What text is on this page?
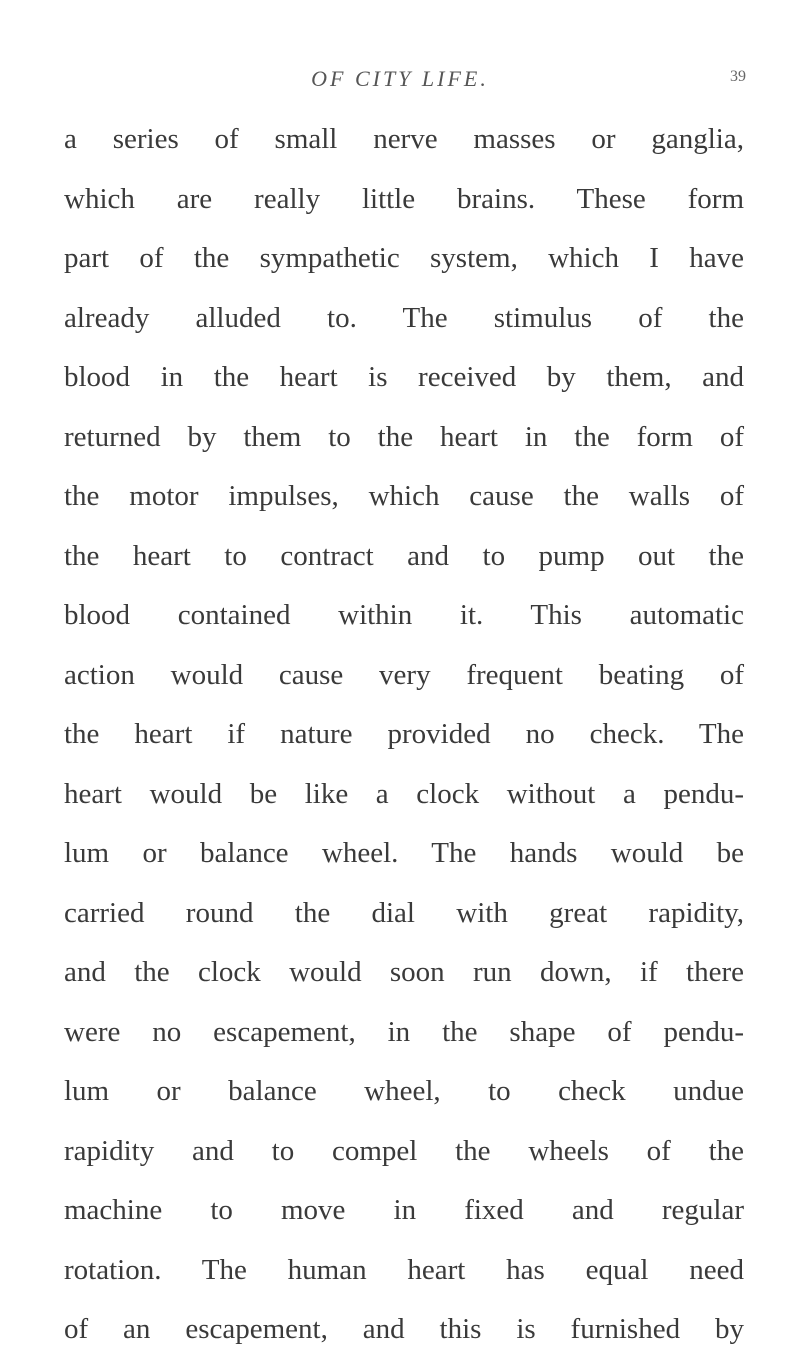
OF CITY LIFE.	39
a series of small nerve masses or ganglia,
which are really little brains. These form
part of the sympathetic system, which I have
already alluded to. The stimulus of the
blood in the heart is received by them, and
returned by them to the heart in the form of
the motor impulses, which cause the walls of
the heart to contract and to pump out the
blood contained within it. This automatic
action would cause very frequent beating of
the heart if nature provided no check. The
heart would be like a clock without a pendu-
lum or balance wheel. The hands would be
carried round the dial with great rapidity,
and the clock would soon run down, if there
were no escapement, in the shape of pendu-
lum or balance wheel, to check undue
rapidity and to compel the wheels of the
machine to move in fixed and regular
rotation. The human heart has equal need
of an escapement, and this is furnished by
